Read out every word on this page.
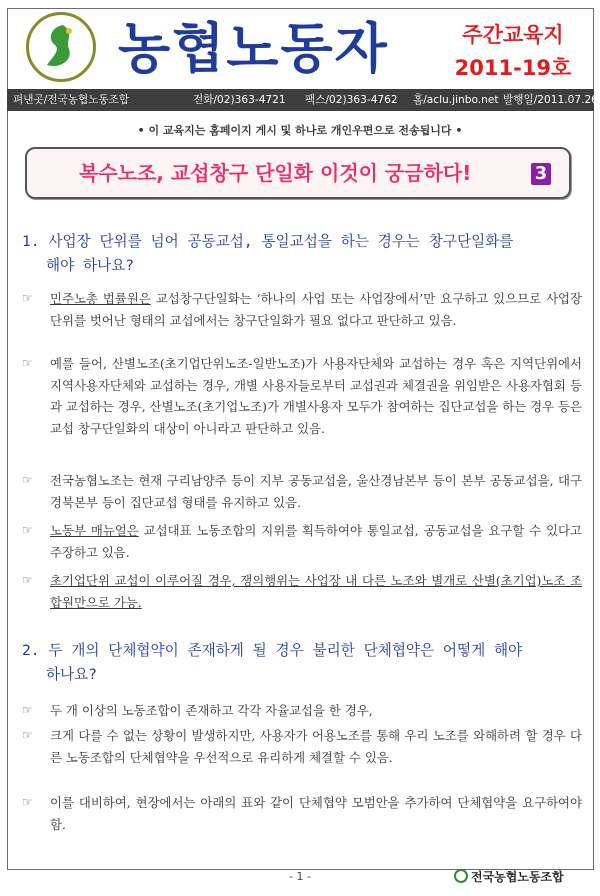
농협노동자	주간교육지
2011-19호
펴낸곳/전국농협노동조합	전화/02)363-4721 팩스/02)363-4762 홈/aclu.jinbo.net 발행일/2011.07.26
• 이 교육지는 홈페이지 게시 및 하나로 개인우편으로 전송됩니다 •
복수노조, 교섭창구 단일화 이것이 궁금하다!	3
1. 사업장 단위를 넘어 공동교섭, 통일교섭을 하는 경우는 창구단일화를
해야 하나요?
☞	민주노총 법률원은 교섭창구단일화는 ‘하나의 사업 또는 사업장에서’만 요구하고 있으므로 사업장 단위를 벗어난 형태의 교섭에서는 창구단일화가 필요 없다고 판단하고 있음.
☞	예를 들어, 산별노조(초기업단위노조-일반노조)가 사용자단체와 교섭하는 경우 혹은 지역단위에서 지역사용자단체와 교섭하는 경우, 개별 사용자들로부터 교섭권과 체결권을 위임받은 사용자협회 등과 교섭하는 경우, 산별노조(초기업노조)가 개별사용자 모두가 참여하는 집단교섭을 하는 경우 등은 교섭 창구단일화의 대상이 아니라고 판단하고 있음.
☞	전국농협노조는 현재 구리남양주 등이 지부 공동교섭을, 울산경남본부 등이 본부 공동교섭을, 대구경북본부 등이 집단교섭 형태를 유지하고 있음.
☞	노동부 매뉴얼은 교섭대표 노동조합의 지위를 획득하여야 통일교섭, 공동교섭을 요구할 수 있다고 주장하고 있음.
☞	초기업단위 교섭이 이루어질 경우, 쟁의행위는 사업장 내 다른 노조와 별개로 산별(초기업)노조 조합원만으로 가능.
2. 두 개의 단체협약이 존재하게 될 경우 불리한 단체협약은 어떻게 해야
하나요?
☞	두 개 이상의 노동조합이 존재하고 각각 자율교섭을 한 경우,
☞	크게 다를 수 없는 상황이 발생하지만, 사용자가 어용노조를 통해 우리 노조를 와해하려 할 경우 다른 노동조합의 단체협약을 우선적으로 유리하게 체결할 수 있음.
☞	이를 대비하여, 현장에서는 아래의 표와 같이 단체협약 모범안을 추가하여 단체협약을 요구하여야 함.
- 1 -	전국농협노동조합
